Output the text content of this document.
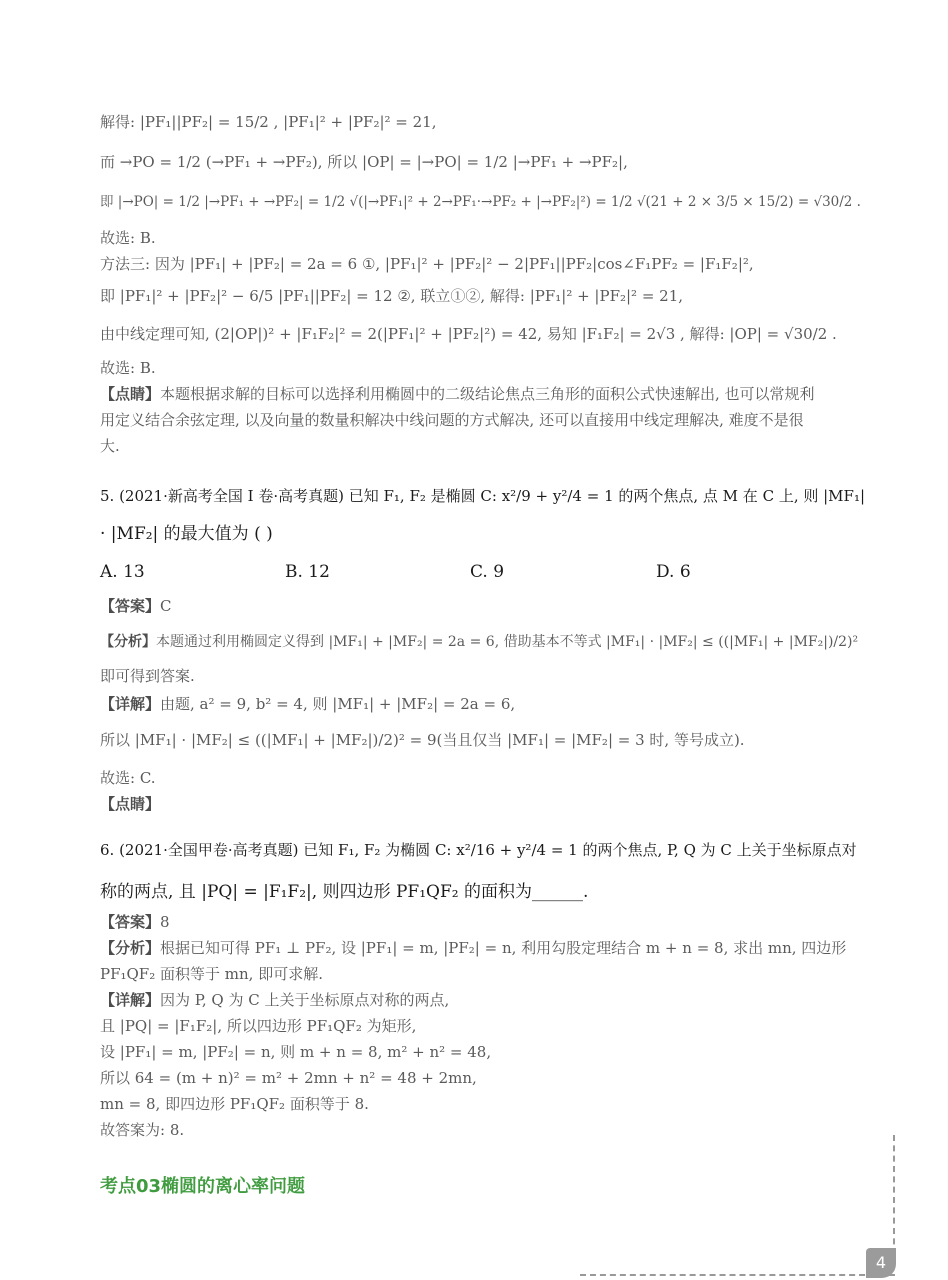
解得: |PF₁||PF₂| = 15/2 , |PF₁|² + |PF₂|² = 21,
而 →PO = 1/2 (→PF₁ + →PF₂), 所以 |OP| = |→PO| = 1/2 |→PF₁ + →PF₂|,
即 |→PO| = 1/2 |→PF₁ + →PF₂| = 1/2 √(|→PF₁|² + 2→PF₁·→PF₂ + |→PF₂|²) = 1/2 √(21 + 2 × 3/5 × 15/2) = √30/2 .
故选: B.
方法三: 因为 |PF₁| + |PF₂| = 2a = 6 ①, |PF₁|² + |PF₂|² − 2|PF₁||PF₂|cos∠F₁PF₂ = |F₁F₂|²,
即 |PF₁|² + |PF₂|² − 6/5 |PF₁||PF₂| = 12 ②, 联立①②, 解得: |PF₁|² + |PF₂|² = 21,
由中线定理可知, (2|OP|)² + |F₁F₂|² = 2(|PF₁|² + |PF₂|²) = 42, 易知 |F₁F₂| = 2√3 , 解得: |OP| = √30/2 .
故选: B.
【点睛】本题根据求解的目标可以选择利用椭圆中的二级结论焦点三角形的面积公式快速解出, 也可以常规利
用定义结合余弦定理, 以及向量的数量积解决中线问题的方式解决, 还可以直接用中线定理解决, 难度不是很
大.
5. (2021·新高考全国 Ⅰ 卷·高考真题) 已知 F₁, F₂ 是椭圆 C: x²/9 + y²/4 = 1 的两个焦点, 点 M 在 C 上, 则 |MF₁|
· |MF₂| 的最大值为 ( )
A. 13	B. 12	C. 9	D. 6
【答案】C
【分析】本题通过利用椭圆定义得到 |MF₁| + |MF₂| = 2a = 6, 借助基本不等式 |MF₁| · |MF₂| ≤ ((|MF₁| + |MF₂|)/2)²
即可得到答案.
【详解】由题, a² = 9, b² = 4, 则 |MF₁| + |MF₂| = 2a = 6,
所以 |MF₁| · |MF₂| ≤ ((|MF₁| + |MF₂|)/2)² = 9(当且仅当 |MF₁| = |MF₂| = 3 时, 等号成立).
故选: C.
【点睛】
6. (2021·全国甲卷·高考真题) 已知 F₁, F₂ 为椭圆 C: x²/16 + y²/4 = 1 的两个焦点, P, Q 为 C 上关于坐标原点对
称的两点, 且 |PQ| = |F₁F₂|, 则四边形 PF₁QF₂ 的面积为______.
【答案】8
【分析】根据已知可得 PF₁ ⊥ PF₂, 设 |PF₁| = m, |PF₂| = n, 利用勾股定理结合 m + n = 8, 求出 mn, 四边形
PF₁QF₂ 面积等于 mn, 即可求解.
【详解】因为 P, Q 为 C 上关于坐标原点对称的两点,
且 |PQ| = |F₁F₂|, 所以四边形 PF₁QF₂ 为矩形,
设 |PF₁| = m, |PF₂| = n, 则 m + n = 8, m² + n² = 48,
所以 64 = (m + n)² = m² + 2mn + n² = 48 + 2mn,
mn = 8, 即四边形 PF₁QF₂ 面积等于 8.
故答案为: 8.
考点03椭圆的离心率问题
4
